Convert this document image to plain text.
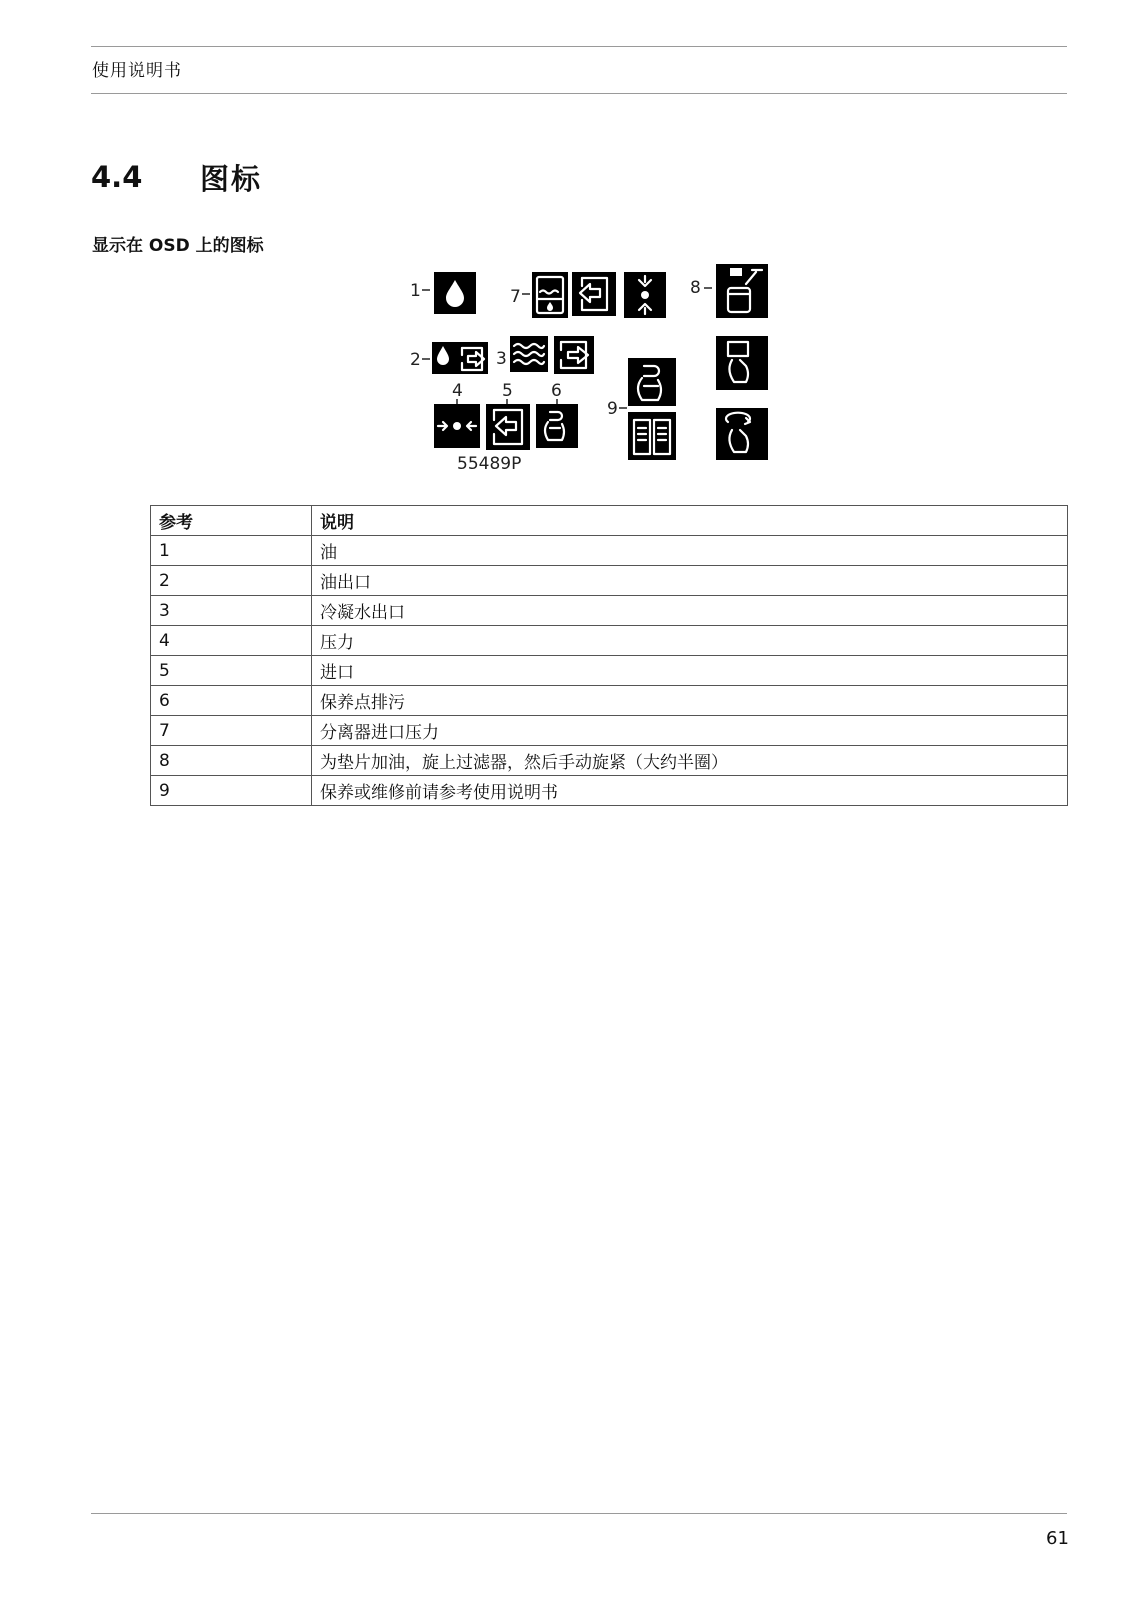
使用说明书
4.4 图标
显示在 OSD 上的图标
1
2	3
4 5 6
7	8
9
55489P
参考	说明
1	油
2	油出口
3	冷凝水出口
4	压力
5	进口
6	保养点排污
7	分离器进口压力
8	为垫片加油，旋上过滤器，然后手动旋紧（大约半圈）
9	保养或维修前请参考使用说明书
61
